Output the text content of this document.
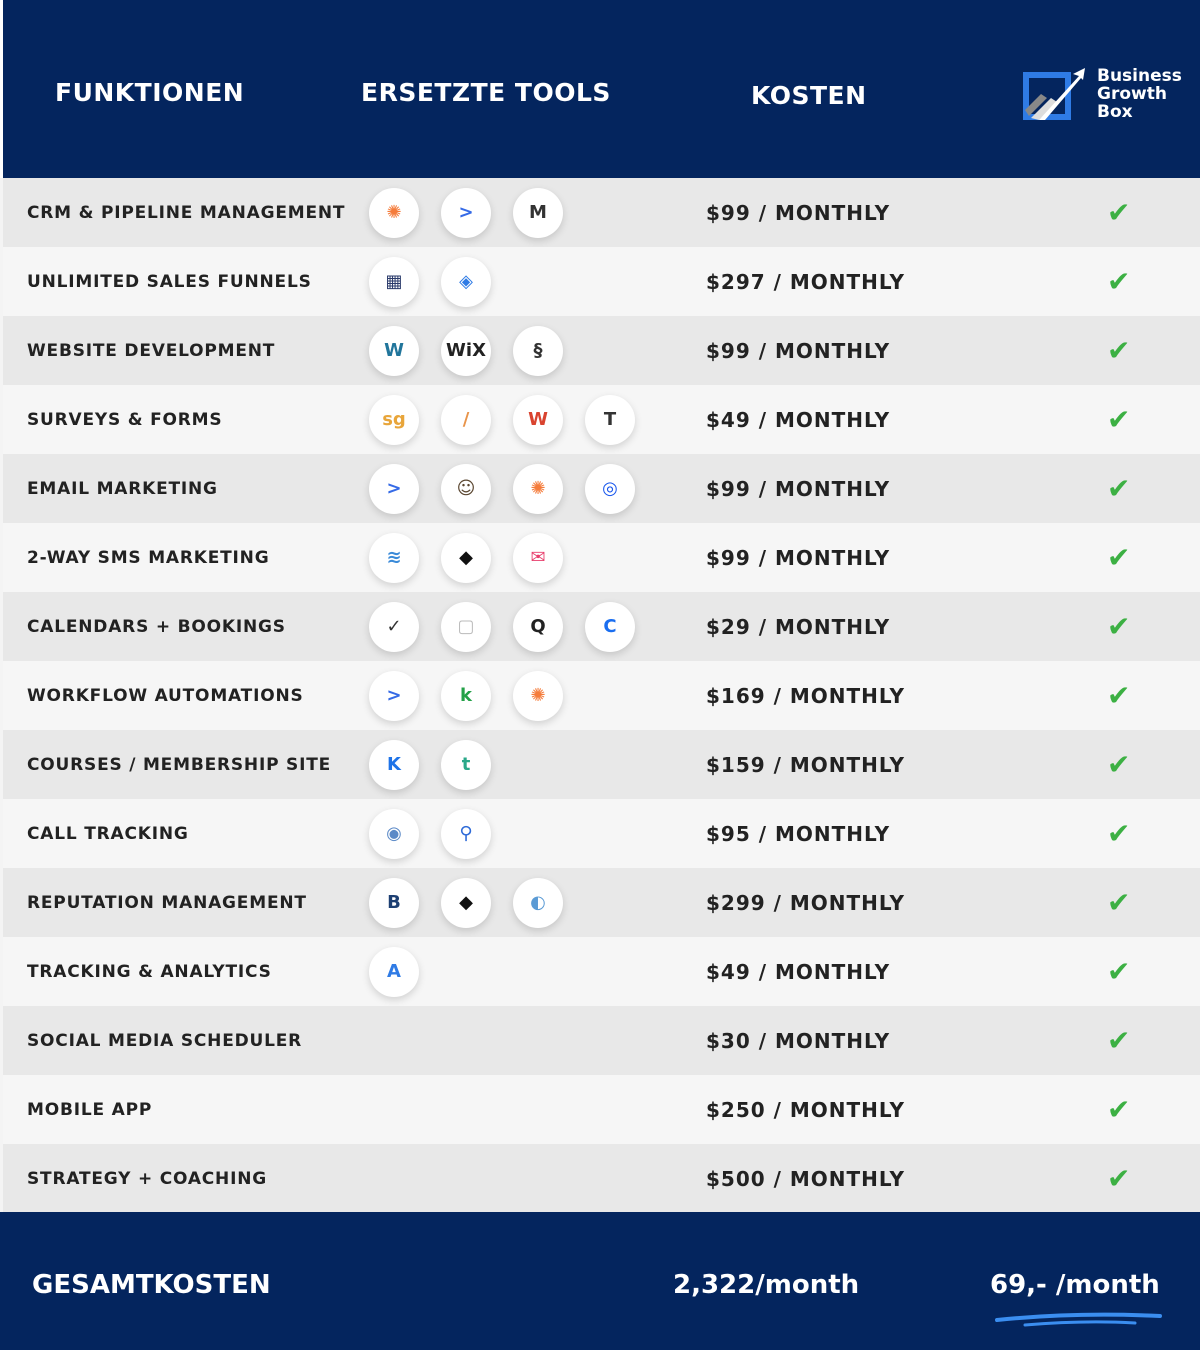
FUNKTIONEN	ERSETZTE TOOLS	KOSTEN
Business
Growth
Box
CRM & PIPELINE MANAGEMENT	✺	>	M	$99 / MONTHLY	✔
UNLIMITED SALES FUNNELS	▦	◈	$297 / MONTHLY	✔
WEBSITE DEVELOPMENT	W	WiX	§	$99 / MONTHLY	✔
SURVEYS & FORMS	sg	/	W	T	$49 / MONTHLY	✔
EMAIL MARKETING	>	☺	✺	◎	$99 / MONTHLY	✔
2-WAY SMS MARKETING	≋	◆	✉	$99 / MONTHLY	✔
CALENDARS + BOOKINGS	✓	▢	Q	C	$29 / MONTHLY	✔
WORKFLOW AUTOMATIONS	>	k	✺	$169 / MONTHLY	✔
COURSES / MEMBERSHIP SITE	K	t	$159 / MONTHLY	✔
CALL TRACKING	◉	⚲	$95 / MONTHLY	✔
REPUTATION MANAGEMENT	B	◆	◐	$299 / MONTHLY	✔
TRACKING & ANALYTICS	A	$49 / MONTHLY	✔
SOCIAL MEDIA SCHEDULER	$30 / MONTHLY	✔
MOBILE APP	$250 / MONTHLY	✔
STRATEGY + COACHING	$500 / MONTHLY	✔
GESAMTKOSTEN	2,322/month	69,- /month
